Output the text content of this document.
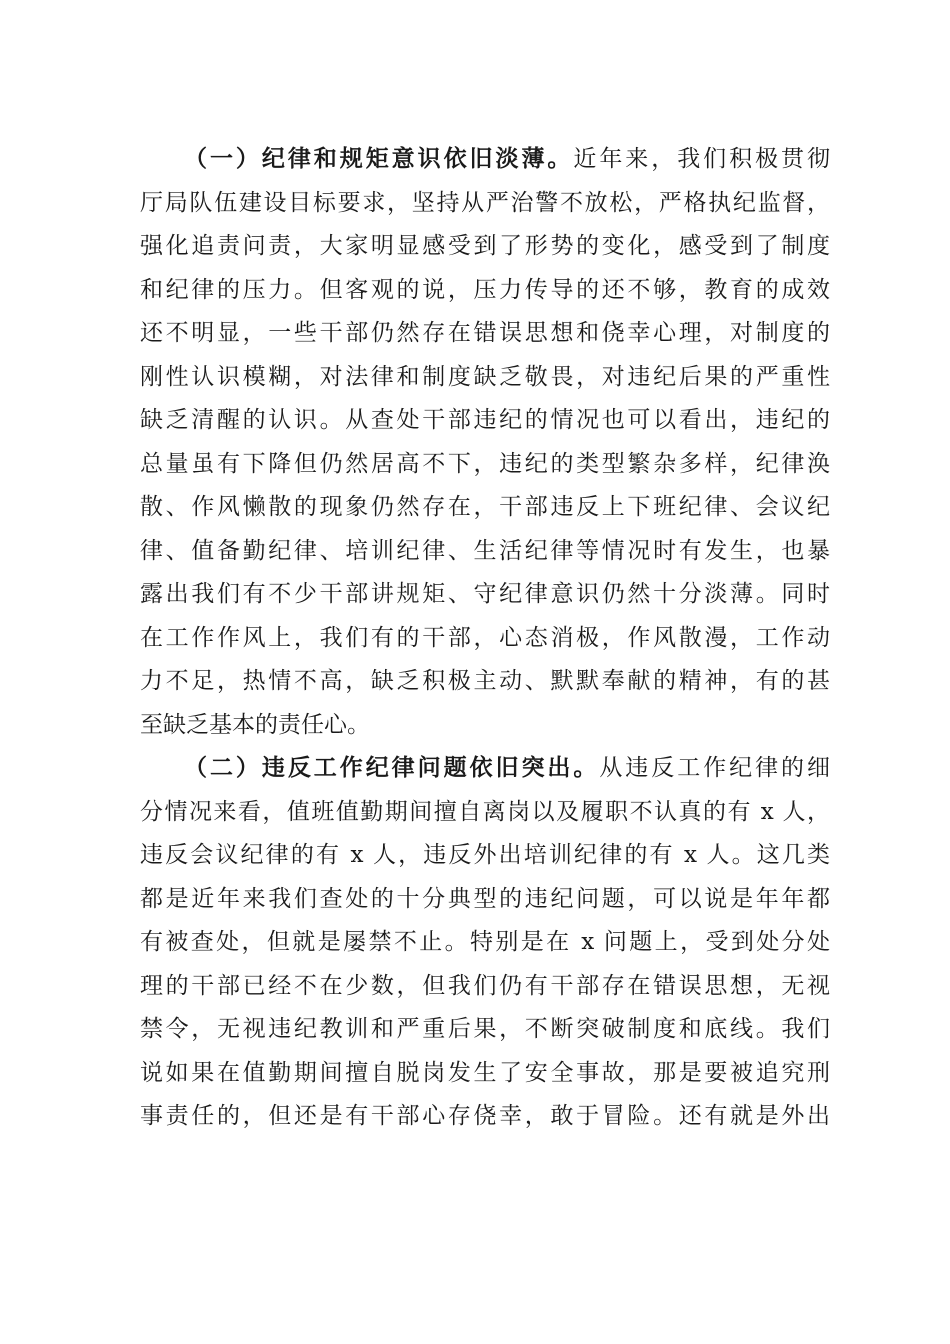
（一）纪律和规矩意识依旧淡薄。近年来，我们积极贯彻
厅局队伍建设目标要求，坚持从严治警不放松，严格执纪监督，
强化追责问责，大家明显感受到了形势的变化，感受到了制度
和纪律的压力。但客观的说，压力传导的还不够，教育的成效
还不明显，一些干部仍然存在错误思想和侥幸心理，对制度的
刚性认识模糊，对法律和制度缺乏敬畏，对违纪后果的严重性
缺乏清醒的认识。从查处干部违纪的情况也可以看出，违纪的
总量虽有下降但仍然居高不下，违纪的类型繁杂多样，纪律涣
散、作风懒散的现象仍然存在，干部违反上下班纪律、会议纪
律、值备勤纪律、培训纪律、生活纪律等情况时有发生，也暴
露出我们有不少干部讲规矩、守纪律意识仍然十分淡薄。同时
在工作作风上，我们有的干部，心态消极，作风散漫，工作动
力不足，热情不高，缺乏积极主动、默默奉献的精神，有的甚
至缺乏基本的责任心。
（二）违反工作纪律问题依旧突出。从违反工作纪律的细
分情况来看，值班值勤期间擅自离岗以及履职不认真的有 x 人，
违反会议纪律的有 x 人，违反外出培训纪律的有 x 人。这几类
都是近年来我们查处的十分典型的违纪问题，可以说是年年都
有被查处，但就是屡禁不止。特别是在 x 问题上，受到处分处
理的干部已经不在少数，但我们仍有干部存在错误思想，无视
禁令，无视违纪教训和严重后果，不断突破制度和底线。我们
说如果在值勤期间擅自脱岗发生了安全事故，那是要被追究刑
事责任的，但还是有干部心存侥幸，敢于冒险。还有就是外出
